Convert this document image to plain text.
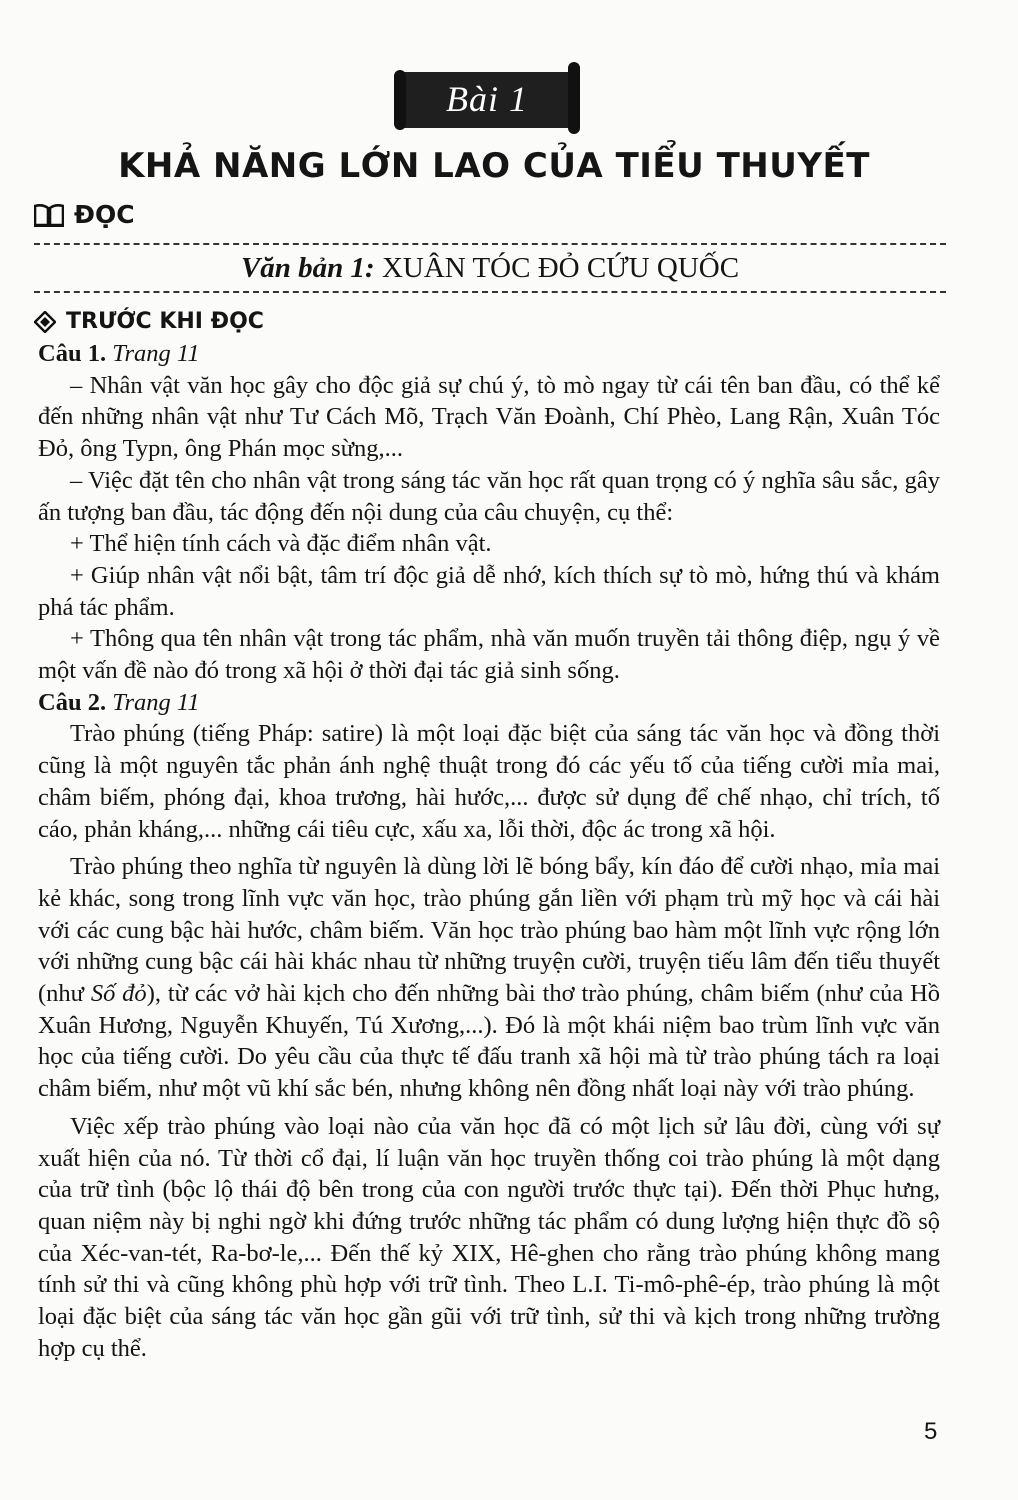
Bài 1
KHẢ NĂNG LỚN LAO CỦA TIỂU THUYẾT
ĐỌC
Văn bản 1: XUÂN TÓC ĐỎ CỨU QUỐC
TRƯỚC KHI ĐỌC

Câu 1. Trang 11

– Nhân vật văn học gây cho độc giả sự chú ý, tò mò ngay từ cái tên ban đầu, có thể kể đến những nhân vật như Tư Cách Mõ, Trạch Văn Đoành, Chí Phèo, Lang Rận, Xuân Tóc Đỏ, ông Typn, ông Phán mọc sừng,...

– Việc đặt tên cho nhân vật trong sáng tác văn học rất quan trọng có ý nghĩa sâu sắc, gây ấn tượng ban đầu, tác động đến nội dung của câu chuyện, cụ thể:

+ Thể hiện tính cách và đặc điểm nhân vật.

+ Giúp nhân vật nổi bật, tâm trí độc giả dễ nhớ, kích thích sự tò mò, hứng thú và khám phá tác phẩm.

+ Thông qua tên nhân vật trong tác phẩm, nhà văn muốn truyền tải thông điệp, ngụ ý về một vấn đề nào đó trong xã hội ở thời đại tác giả sinh sống.

Câu 2. Trang 11

Trào phúng (tiếng Pháp: satire) là một loại đặc biệt của sáng tác văn học và đồng thời cũng là một nguyên tắc phản ánh nghệ thuật trong đó các yếu tố của tiếng cười mỉa mai, châm biếm, phóng đại, khoa trương, hài hước,... được sử dụng để chế nhạo, chỉ trích, tố cáo, phản kháng,... những cái tiêu cực, xấu xa, lỗi thời, độc ác trong xã hội.

Trào phúng theo nghĩa từ nguyên là dùng lời lẽ bóng bẩy, kín đáo để cười nhạo, mỉa mai kẻ khác, song trong lĩnh vực văn học, trào phúng gắn liền với phạm trù mỹ học và cái hài với các cung bậc hài hước, châm biếm. Văn học trào phúng bao hàm một lĩnh vực rộng lớn với những cung bậc cái hài khác nhau từ những truyện cười, truyện tiếu lâm đến tiểu thuyết (như Số đỏ), từ các vở hài kịch cho đến những bài thơ trào phúng, châm biếm (như của Hồ Xuân Hương, Nguyễn Khuyến, Tú Xương,...). Đó là một khái niệm bao trùm lĩnh vực văn học của tiếng cười. Do yêu cầu của thực tế đấu tranh xã hội mà từ trào phúng tách ra loại châm biếm, như một vũ khí sắc bén, nhưng không nên đồng nhất loại này với trào phúng.

Việc xếp trào phúng vào loại nào của văn học đã có một lịch sử lâu đời, cùng với sự xuất hiện của nó. Từ thời cổ đại, lí luận văn học truyền thống coi trào phúng là một dạng của trữ tình (bộc lộ thái độ bên trong của con người trước thực tại). Đến thời Phục hưng, quan niệm này bị nghi ngờ khi đứng trước những tác phẩm có dung lượng hiện thực đồ sộ của Xéc-van-tét, Ra-bơ-le,... Đến thế kỷ XIX, Hê-ghen cho rằng trào phúng không mang tính sử thi và cũng không phù hợp với trữ tình. Theo L.I. Ti-mô-phê-ép, trào phúng là một loại đặc biệt của sáng tác văn học gần gũi với trữ tình, sử thi và kịch trong những trường hợp cụ thể.

5
